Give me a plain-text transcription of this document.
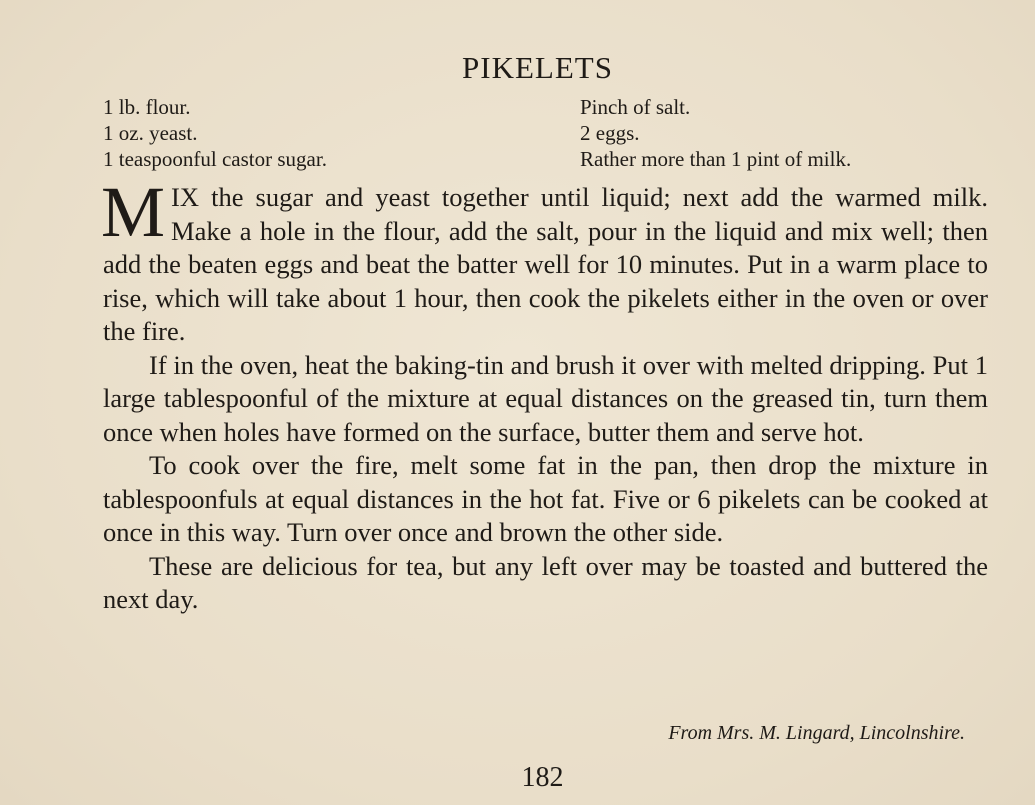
PIKELETS
1 lb. flour.	Pinch of salt.
1 oz. yeast.	2 eggs.
1 teaspoonful castor sugar.	Rather more than 1 pint of milk.

MIX the sugar and yeast together until liquid; next add the warmed milk. Make a hole in the flour, add the salt, pour in the liquid and mix well; then add the beaten eggs and beat the batter well for 10 minutes. Put in a warm place to rise, which will take about 1 hour, then cook the pikelets either in the oven or over the fire.

If in the oven, heat the baking-tin and brush it over with melted dripping. Put 1 large tablespoonful of the mixture at equal distances on the greased tin, turn them once when holes have formed on the surface, butter them and serve hot.

To cook over the fire, melt some fat in the pan, then drop the mixture in tablespoonfuls at equal distances in the hot fat. Five or 6 pikelets can be cooked at once in this way. Turn over once and brown the other side.

These are delicious for tea, but any left over may be toasted and buttered the next day.

From Mrs. M. Lingard, Lincolnshire.
182
